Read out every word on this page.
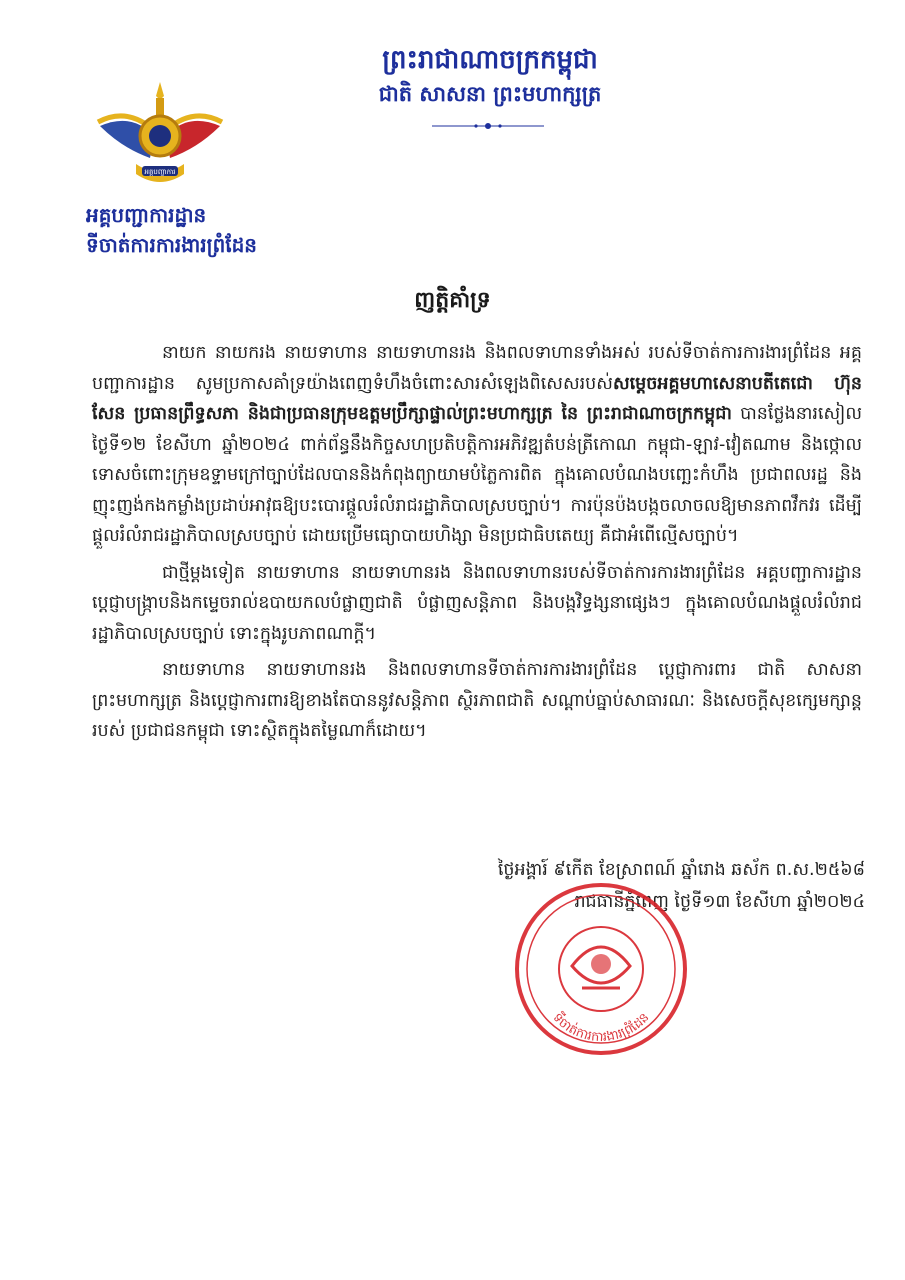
អគ្គបញ្ជាការ
អគ្គបញ្ជាការដ្ឋាន
ទីចាត់ការការងារព្រំដែន
ព្រះរាជាណាចក្រកម្ពុជា
ជាតិ សាសនា ព្រះមហាក្សត្រ
ញត្តិគាំទ្រ

នាយក នាយករង នាយទាហាន នាយទាហានរង និងពលទាហានទាំងអស់ របស់ទីចាត់ការការងារព្រំដែន អគ្គបញ្ជាការដ្ឋាន សូមប្រកាសគាំទ្រយ៉ាងពេញទំហឹងចំពោះសារសំឡេងពិសេសរបស់សម្តេចអគ្គមហាសេនាបតីតេជោ ហ៊ុន សែន ប្រធានព្រឹទ្ធសភា និងជាប្រធានក្រុមឧត្តមប្រឹក្សាផ្ទាល់ព្រះមហាក្សត្រ នៃ ព្រះរាជាណាចក្រកម្ពុជា បានថ្លែងនារសៀលថ្ងៃទី១២ ខែសីហា ឆ្នាំ២០២៤ ពាក់ព័ន្ធនឹងកិច្ចសហប្រតិបត្តិការអភិវឌ្ឍតំបន់ត្រីកោណ កម្ពុជា-ឡាវ-វៀតណាម និងថ្កោលទោសចំពោះក្រុមឧទ្ទាមក្រៅច្បាប់ដែលបាននិងកំពុងព្យាយាមបំភ្លៃការពិត ក្នុងគោលបំណងបញ្ឆេះកំហឹង ប្រជាពលរដ្ឋ និងញុះញង់កងកម្លាំងប្រដាប់អាវុធឱ្យបះបោរផ្តួលរំលំរាជរដ្ឋាភិបាលស្របច្បាប់។ ការប៉ុនប៉ងបង្កចលាចលឱ្យមានភាពវឹកវរ ដើម្បីផ្តួលរំលំរាជរដ្ឋាភិបាលស្របច្បាប់ ដោយប្រើមធ្យោបាយហិង្សា មិនប្រជាធិបតេយ្យ គឺជាអំពើល្មើសច្បាប់។

ជាថ្មីម្តងទៀត នាយទាហាន នាយទាហានរង និងពលទាហានរបស់ទីចាត់ការការងារព្រំដែន អគ្គបញ្ជាការដ្ឋាន ប្តេជ្ញាបង្ក្រាបនិងកម្ទេចរាល់ឧបាយកលបំផ្លាញជាតិ បំផ្លាញសន្តិភាព និងបង្កវិទ្ធង្សនាផ្សេងៗ ក្នុងគោលបំណងផ្តួលរំលំរាជរដ្ឋាភិបាលស្របច្បាប់ ទោះក្នុងរូបភាពណាក្តី។

នាយទាហាន នាយទាហានរង និងពលទាហានទីចាត់ការការងារព្រំដែន ប្តេជ្ញាការពារ ជាតិ សាសនា ព្រះមហាក្សត្រ និងប្តេជ្ញាការពារឱ្យខាងតែបាននូវសន្តិភាព ស្ថិរភាពជាតិ សណ្តាប់ធ្នាប់សាធារណៈ និងសេចក្តីសុខក្សេមក្សាន្តរបស់ ប្រជាជនកម្ពុជា ទោះស្ថិតក្នុងតម្លៃណាក៏ដោយ។

ថ្ងៃអង្គារ៍ ៩កើត ខែស្រាពណ៍ ឆ្នាំរោង ឆស័ក ព.ស.២៥៦៨
រាជធានីភ្នំពេញ ថ្ងៃទី១៣ ខែសីហា ឆ្នាំ២០២៤
ទីចាត់ការការងារព្រំដែន
